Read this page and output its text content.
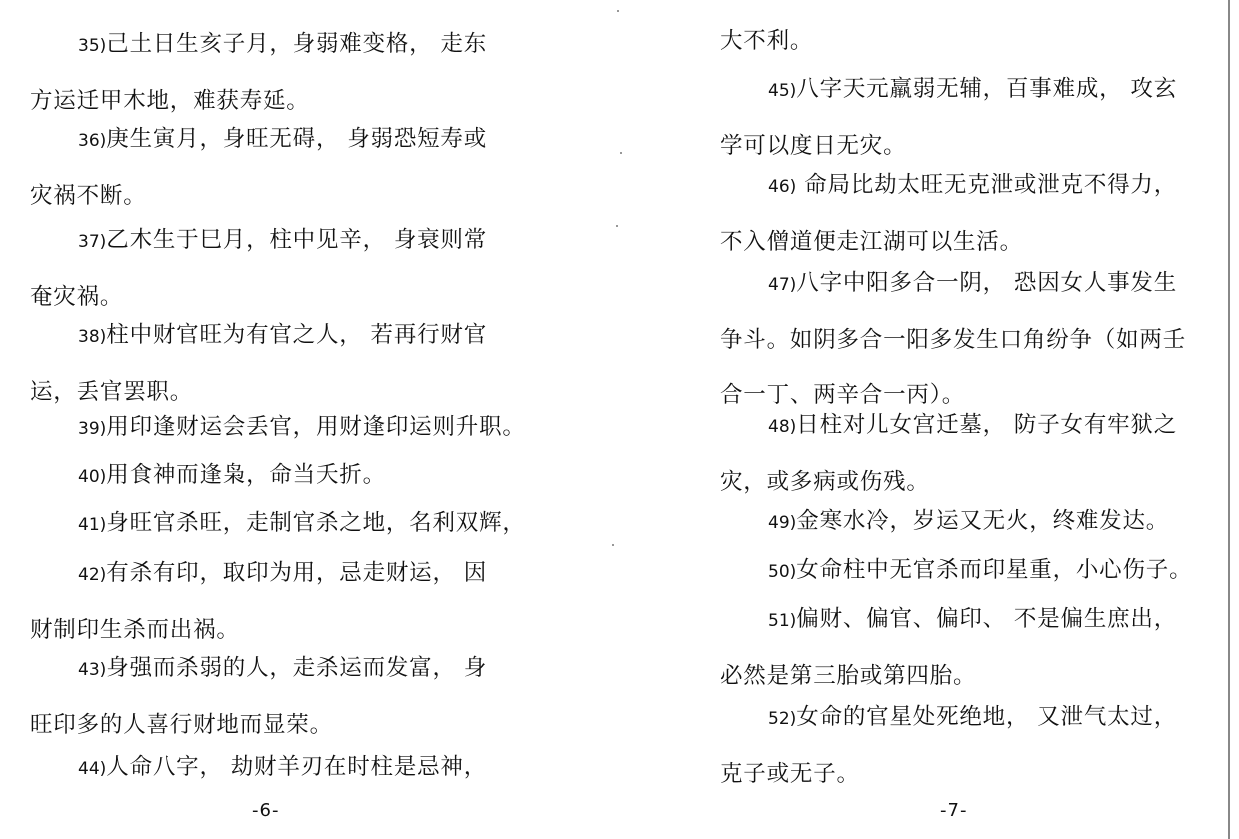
35)己土日生亥子月，身弱难变格， 走东

方运迁甲木地，难获寿延。

36)庚生寅月，身旺无碍， 身弱恐短寿或

灾祸不断。

37)乙木生于巳月，柱中见辛， 身衰则常

奄灾祸。

38)柱中财官旺为有官之人， 若再行财官

运，丢官罢职。

39)用印逢财运会丢官，用财逢印运则升职。

40)用食神而逢枭，命当夭折。

41)身旺官杀旺，走制官杀之地，名利双辉，

42)有杀有印，取印为用，忌走财运， 因

财制印生杀而出祸。

43)身强而杀弱的人，走杀运而发富， 身

旺印多的人喜行财地而显荣。

44)人命八字， 劫财羊刃在时柱是忌神，

-6-

大不利。

45)八字天元羸弱无辅，百事难成， 攻玄

学可以度日无灾。

46) 命局比劫太旺无克泄或泄克不得力，

不入僧道便走江湖可以生活。

47)八字中阳多合一阴， 恐因女人事发生

争斗。如阴多合一阳多发生口角纷争（如两壬

合一丁、两辛合一丙）。

48)日柱对儿女宫迁墓， 防子女有牢狱之

灾，或多病或伤残。

49)金寒水冷，岁运又无火，终难发达。

50)女命柱中无官杀而印星重，小心伤子。

51)偏财、偏官、偏印、 不是偏生庶出，

必然是第三胎或第四胎。

52)女命的官星处死绝地， 又泄气太过，

克子或无子。

-7-
